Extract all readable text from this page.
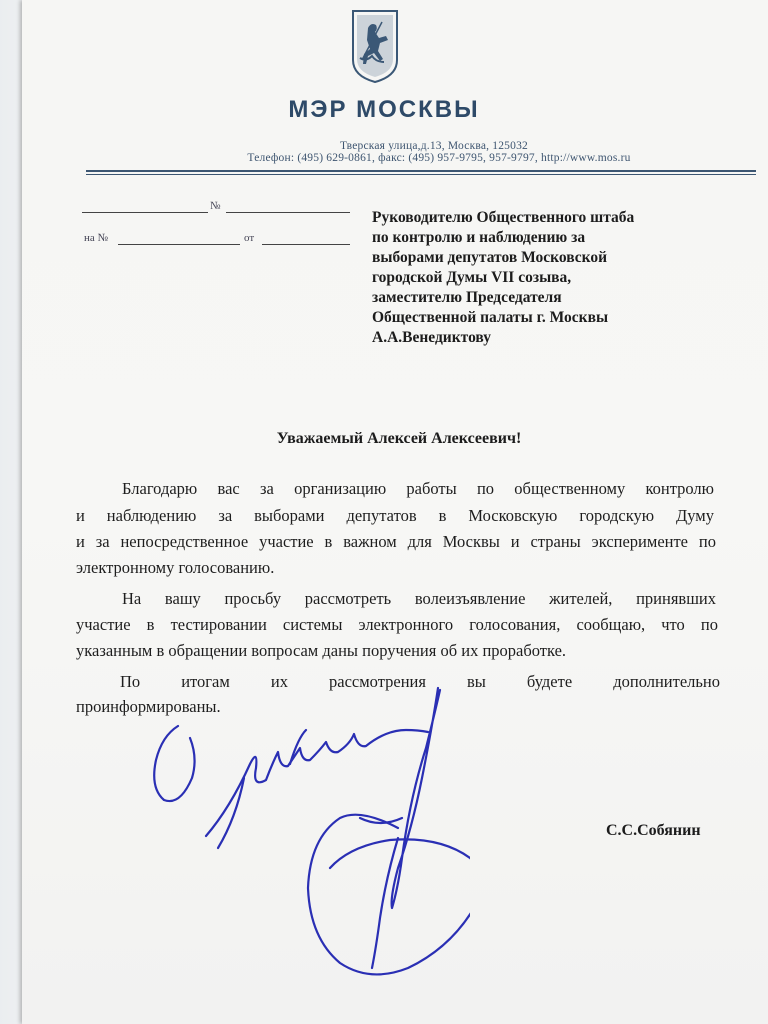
МЭР МОСКВЫ
Тверская улица,д.13, Москва, 125032
Телефон: (495) 629-0861, факс: (495) 957-9795, 957-9797, http://www.mos.ru
№
на №	от
Руководителю Общественного штаба
по контролю и наблюдению за
выборами депутатов Московской
городской Думы VII созыва,
заместителю Председателя
Общественной палаты г. Москвы
А.А.Венедиктову
Уважаемый Алексей Алексеевич!
Благодарю вас за организацию работы по общественному контролю
и наблюдению за выборами депутатов в Московскую городскую Думу
и за непосредственное участие в важном для Москвы и страны эксперименте по
электронному голосованию.
На вашу просьбу рассмотреть волеизъявление жителей, принявших
участие в тестировании системы электронного голосования, сообщаю, что по
указанным в обращении вопросам даны поручения об их проработке.
По итогам их рассмотрения вы будете дополнительно
проинформированы.
С.С.Собянин
